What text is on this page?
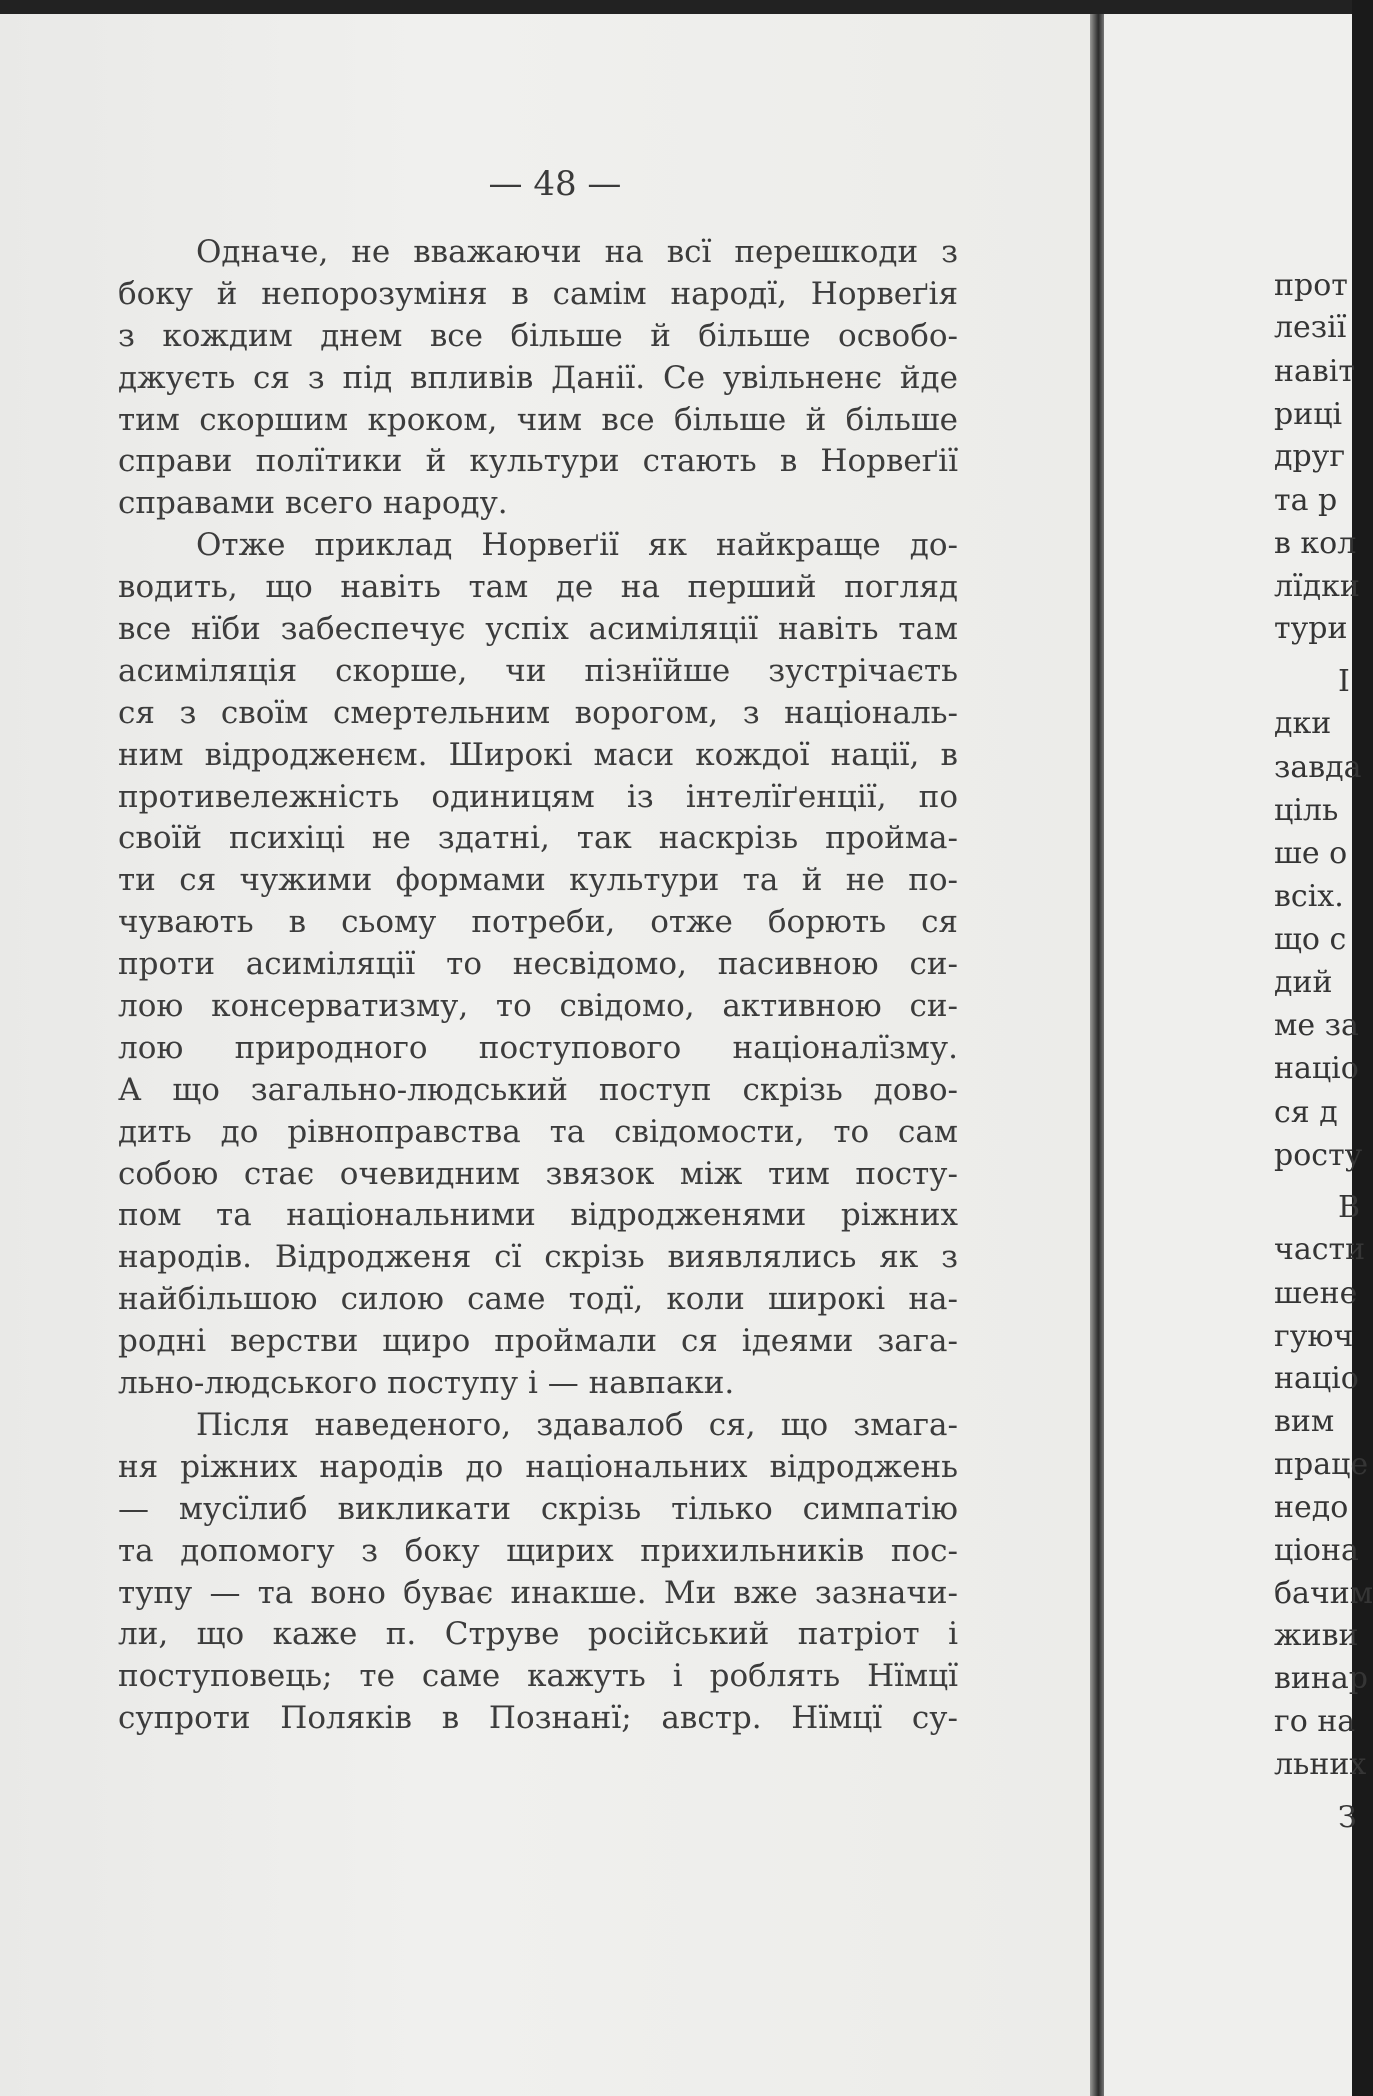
— 48 —
Одначе, не вважаючи на всї перешкоди з
боку й непорозуміня в самім народї, Норвеґія
з кождим днем все більше й більше освобо-
джуєть ся з під впливів Данії. Се увільненє йде
тим скоршим кроком, чим все більше й більше
справи полїтики й культури стають в Норвеґії
справами всего народу.
Отже приклад Норвеґії як найкраще до-
водить, що навіть там де на перший погляд
все нїби забеспечує успіх асиміляції навіть там
асиміляція скорше, чи пізнїйше зустрічаєть
ся з своїм смертельним ворогом, з національ-
ним відродженєм. Широкі маси кождої нації, в
противележність одиницям із інтелїґенції, по
своїй психіці не здатні, так наскрізь пройма-
ти ся чужими формами культури та й не по-
чувають в сьому потреби, отже борють ся
проти асиміляції то несвідомо, пасивною си-
лою консерватизму, то свідомо, активною си-
лою природного поступового націоналїзму.
А що загально-людський поступ скрізь дово-
дить до рівноправства та свідомости, то сам
собою стає очевидним звязок між тим посту-
пом та національними відродженями ріжних
народів. Відродженя сї скрізь виявлялись як з
найбільшою силою саме тодї, коли широкі на-
родні верстви щиро проймали ся ідеями зага-
льно-людського поступу і — навпаки.
Після наведеного, здавалоб ся, що змага-
ня ріжних народів до національних відроджень
— мусїлиб викликати скрізь тілько симпатію
та допомогу з боку щирих прихильників пос-
тупу — та воно буває инакше. Ми вже зазначи-
ли, що каже п. Струве російський патріот і
поступовець; те саме кажуть і роблять Нїмцї
супроти Поляків в Познанї; австр. Нїмцї су-
прот
лезії
навіт
риці
друг
та р
в кол
лїдки
тури
І
дки
завда
ціль
ше о
всіх.
що с
дий
ме за
націо
ся д
росту
В
части
шене
гуюч
націо
вим
праце
недо
ціона
бачим
живи
винар
го на
льних
З
